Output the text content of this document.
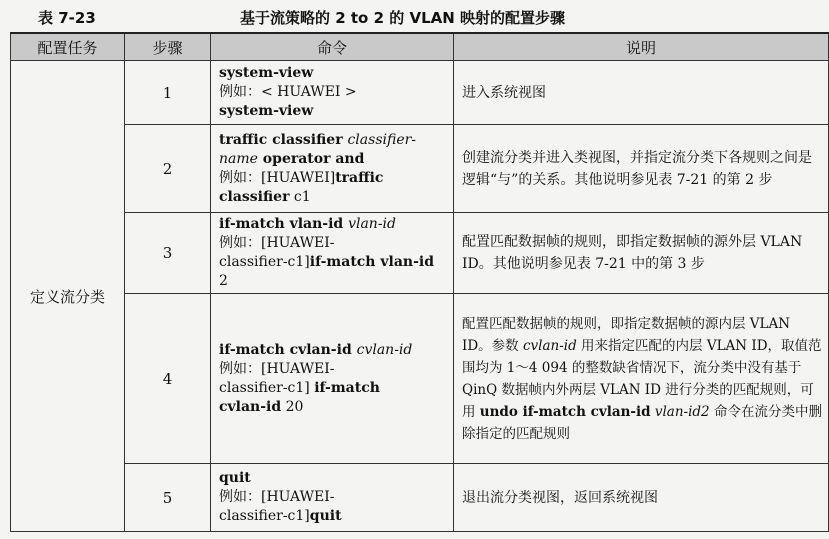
表 7-23	基于流策略的 2 to 2 的 VLAN 映射的配置步骤
配置任务	步骤	命令	说明
定义流分类	1	system-view
例如：< HUAWEI >
system-view	进入系统视图
	2	traffic classifier classifier-
name operator and
例如：[HUAWEI]traffic
classifier c1	创建流分类并进入类视图，并指定流分类下各规则之间是逻辑“与”的关系。其他说明参见表 7-21 的第 2 步
	3	if-match vlan-id vlan-id
例如：[HUAWEI-
classifier-c1]if-match vlan-id 2	配置匹配数据帧的规则，即指定数据帧的源外层 VLAN ID。其他说明参见表 7-21 中的第 3 步
	4	if-match cvlan-id cvlan-id
例如：[HUAWEI-
classifier-c1] if-match
cvlan-id 20	配置匹配数据帧的规则，即指定数据帧的源内层 VLAN ID。参数 cvlan-id 用来指定匹配的内层 VLAN ID，取值范围均为 1～4 094 的整数缺省情况下，流分类中没有基于 QinQ 数据帧内外两层 VLAN ID 进行分类的匹配规则，可用 undo if-match cvlan-id vlan-id2 命令在流分类中删除指定的匹配规则
	5	quit
例如：[HUAWEI-
classifier-c1]quit	退出流分类视图，返回系统视图
